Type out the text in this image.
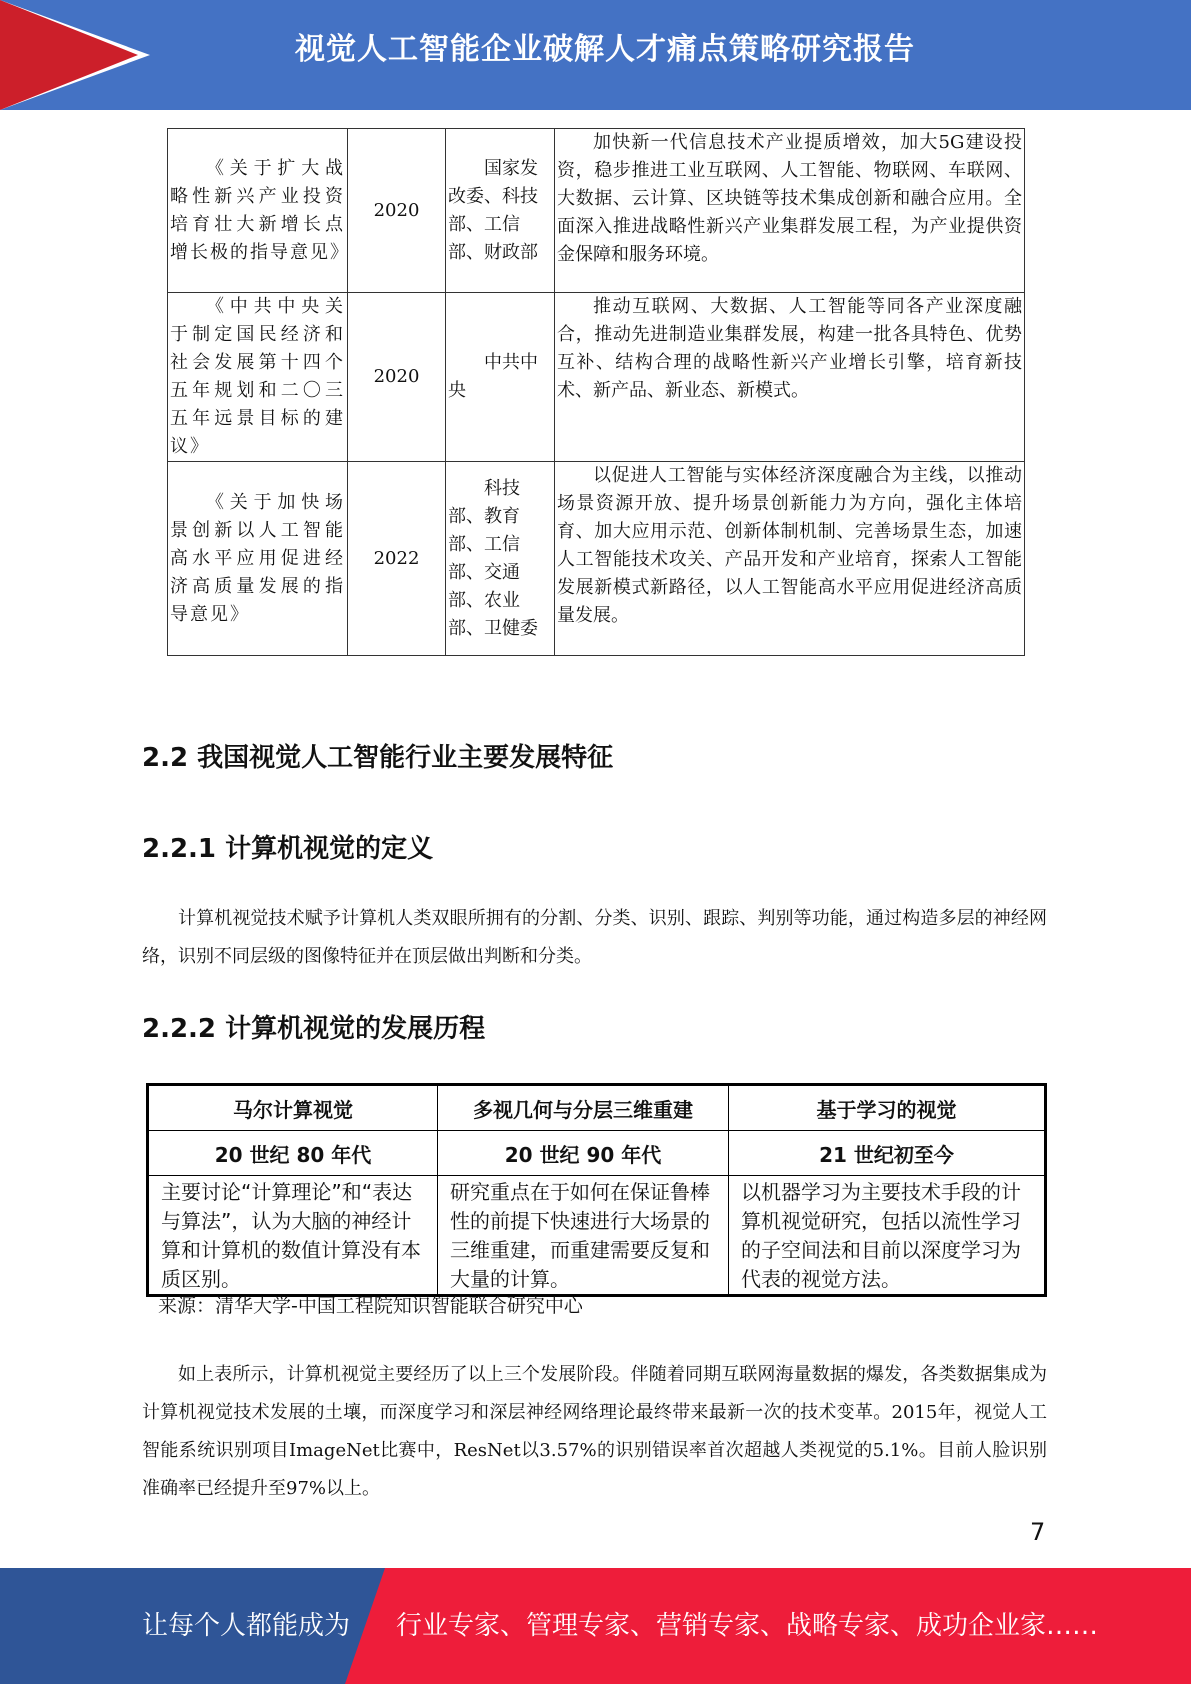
视觉人工智能企业破解人才痛点策略研究报告
《关于扩大战略性新兴产业投资培育壮大新增长点增长极的指导意见》	2020	国家发改委、科技部、工信部、财政部	加快新一代信息技术产业提质增效，加大5G建设投资，稳步推进工业互联网、人工智能、物联网、车联网、大数据、云计算、区块链等技术集成创新和融合应用。全面深入推进战略性新兴产业集群发展工程，为产业提供资金保障和服务环境。
《中共中央关于制定国民经济和社会发展第十四个五年规划和二〇三五年远景目标的建议》	2020	中共中央	推动互联网、大数据、人工智能等同各产业深度融合，推动先进制造业集群发展，构建一批各具特色、优势互补、结构合理的战略性新兴产业增长引擎，培育新技术、新产品、新业态、新模式。
《关于加快场景创新以人工智能高水平应用促进经济高质量发展的指导意见》	2022	科技部、教育部、工信部、交通部、农业部、卫健委	以促进人工智能与实体经济深度融合为主线，以推动场景资源开放、提升场景创新能力为方向，强化主体培育、加大应用示范、创新体制机制、完善场景生态，加速人工智能技术攻关、产品开发和产业培育，探索人工智能发展新模式新路径，以人工智能高水平应用促进经济高质量发展。
2.2 我国视觉人工智能行业主要发展特征
2.2.1 计算机视觉的定义

计算机视觉技术赋予计算机人类双眼所拥有的分割、分类、识别、跟踪、判别等功能，通过构造多层的神经网络，识别不同层级的图像特征并在顶层做出判断和分类。

2.2.2 计算机视觉的发展历程
马尔计算视觉	多视几何与分层三维重建	基于学习的视觉
20 世纪 80 年代	20 世纪 90 年代	21 世纪初至今
主要讨论“计算理论”和“表达与算法”，认为大脑的神经计算和计算机的数值计算没有本质区别。	研究重点在于如何在保证鲁棒性的前提下快速进行大场景的三维重建，而重建需要反复和大量的计算。	以机器学习为主要技术手段的计算机视觉研究，包括以流性学习的子空间法和目前以深度学习为代表的视觉方法。
来源：清华大学-中国工程院知识智能联合研究中心

如上表所示，计算机视觉主要经历了以上三个发展阶段。伴随着同期互联网海量数据的爆发，各类数据集成为计算机视觉技术发展的土壤，而深度学习和深层神经网络理论最终带来最新一次的技术变革。2015年，视觉人工智能系统识别项目ImageNet比赛中，ResNet以3.57%的识别错误率首次超越人类视觉的5.1%。目前人脸识别准确率已经提升至97%以上。

7
让每个人都能成为 行业专家、管理专家、营销专家、战略专家、成功企业家……
